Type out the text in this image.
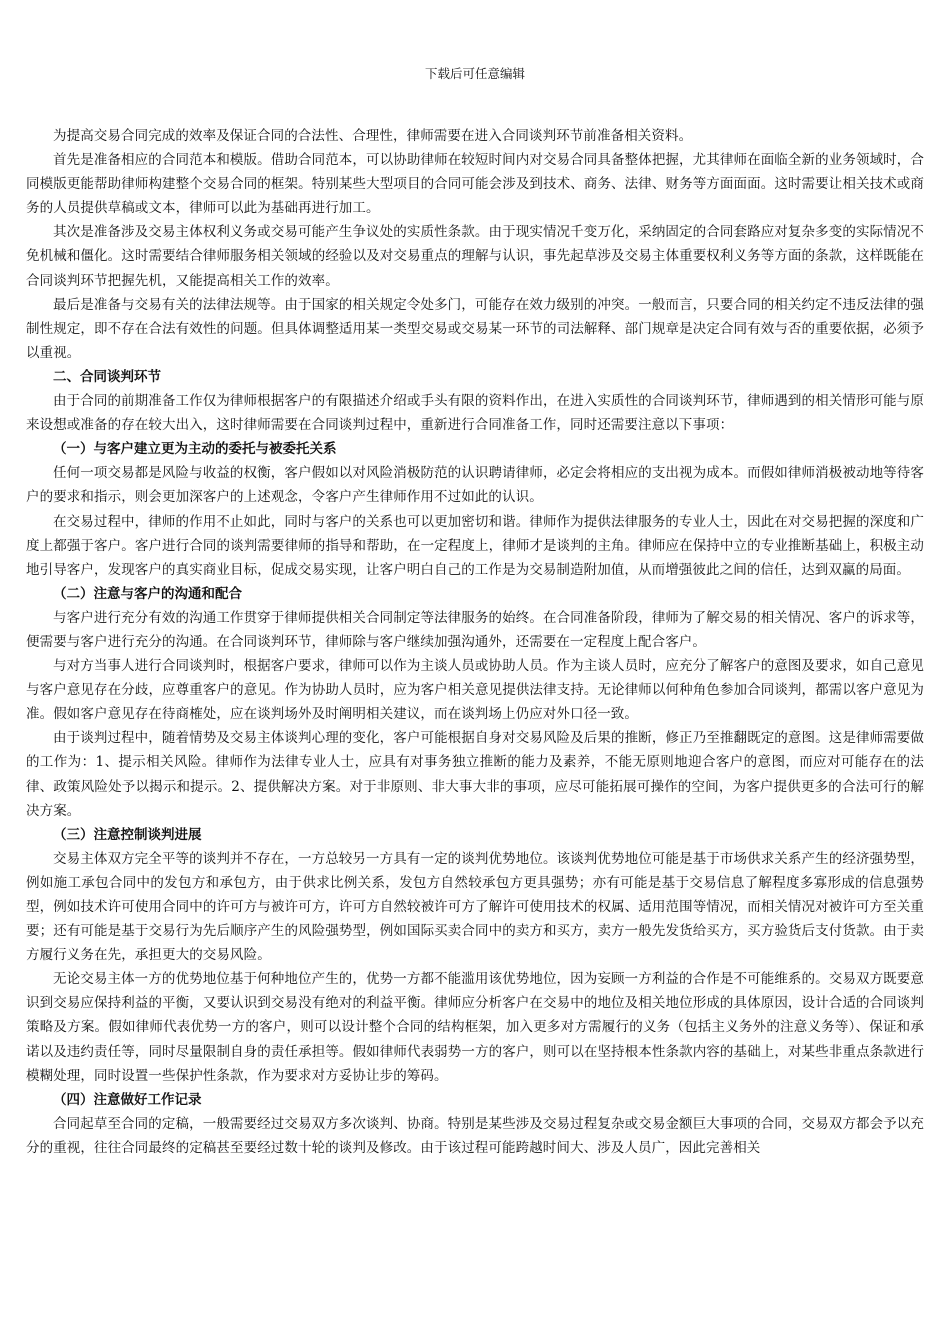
下载后可任意编辑

为提高交易合同完成的效率及保证合同的合法性、合理性，律师需要在进入合同谈判环节前准备相关资料。

首先是准备相应的合同范本和模版。借助合同范本，可以协助律师在较短时间内对交易合同具备整体把握，尤其律师在面临全新的业务领域时，合同模版更能帮助律师构建整个交易合同的框架。特别某些大型项目的合同可能会涉及到技术、商务、法律、财务等方面面面。这时需要让相关技术或商务的人员提供草稿或文本，律师可以此为基础再进行加工。

其次是准备涉及交易主体权利义务或交易可能产生争议处的实质性条款。由于现实情况千变万化，采纳固定的合同套路应对复杂多变的实际情况不免机械和僵化。这时需要结合律师服务相关领域的经验以及对交易重点的理解与认识，事先起草涉及交易主体重要权利义务等方面的条款，这样既能在合同谈判环节把握先机，又能提高相关工作的效率。

最后是准备与交易有关的法律法规等。由于国家的相关规定令处多门，可能存在效力级别的冲突。一般而言，只要合同的相关约定不违反法律的强制性规定，即不存在合法有效性的问题。但具体调整适用某一类型交易或交易某一环节的司法解释、部门规章是决定合同有效与否的重要依据，必须予以重视。

二、合同谈判环节

由于合同的前期准备工作仅为律师根据客户的有限描述介绍或手头有限的资料作出，在进入实质性的合同谈判环节，律师遇到的相关情形可能与原来设想或准备的存在较大出入，这时律师需要在合同谈判过程中，重新进行合同准备工作，同时还需要注意以下事项：

（一）与客户建立更为主动的委托与被委托关系

任何一项交易都是风险与收益的权衡，客户假如以对风险消极防范的认识聘请律师，必定会将相应的支出视为成本。而假如律师消极被动地等待客户的要求和指示，则会更加深客户的上述观念，令客户产生律师作用不过如此的认识。

在交易过程中，律师的作用不止如此，同时与客户的关系也可以更加密切和谐。律师作为提供法律服务的专业人士，因此在对交易把握的深度和广度上都强于客户。客户进行合同的谈判需要律师的指导和帮助，在一定程度上，律师才是谈判的主角。律师应在保持中立的专业推断基础上，积极主动地引导客户，发现客户的真实商业目标，促成交易实现，让客户明白自己的工作是为交易制造附加值，从而增强彼此之间的信任，达到双赢的局面。

（二）注意与客户的沟通和配合

与客户进行充分有效的沟通工作贯穿于律师提供相关合同制定等法律服务的始终。在合同准备阶段，律师为了解交易的相关情况、客户的诉求等，便需要与客户进行充分的沟通。在合同谈判环节，律师除与客户继续加强沟通外，还需要在一定程度上配合客户。

与对方当事人进行合同谈判时，根据客户要求，律师可以作为主谈人员或协助人员。作为主谈人员时，应充分了解客户的意图及要求，如自己意见与客户意见存在分歧，应尊重客户的意见。作为协助人员时，应为客户相关意见提供法律支持。无论律师以何种角色参加合同谈判，都需以客户意见为准。假如客户意见存在待商榷处，应在谈判场外及时阐明相关建议，而在谈判场上仍应对外口径一致。

由于谈判过程中，随着情势及交易主体谈判心理的变化，客户可能根据自身对交易风险及后果的推断，修正乃至推翻既定的意图。这是律师需要做的工作为：1、提示相关风险。律师作为法律专业人士，应具有对事务独立推断的能力及素养，不能无原则地迎合客户的意图，而应对可能存在的法律、政策风险处予以揭示和提示。2、提供解决方案。对于非原则、非大事大非的事项，应尽可能拓展可操作的空间，为客户提供更多的合法可行的解决方案。

（三）注意控制谈判进展

交易主体双方完全平等的谈判并不存在，一方总较另一方具有一定的谈判优势地位。该谈判优势地位可能是基于市场供求关系产生的经济强势型，例如施工承包合同中的发包方和承包方，由于供求比例关系，发包方自然较承包方更具强势；亦有可能是基于交易信息了解程度多寡形成的信息强势型，例如技术许可使用合同中的许可方与被许可方，许可方自然较被许可方了解许可使用技术的权属、适用范围等情况，而相关情况对被许可方至关重要；还有可能是基于交易行为先后顺序产生的风险强势型，例如国际买卖合同中的卖方和买方，卖方一般先发货给买方，买方验货后支付货款。由于卖方履行义务在先，承担更大的交易风险。

无论交易主体一方的优势地位基于何种地位产生的，优势一方都不能滥用该优势地位，因为妄顾一方利益的合作是不可能维系的。交易双方既要意识到交易应保持利益的平衡，又要认识到交易没有绝对的利益平衡。律师应分析客户在交易中的地位及相关地位形成的具体原因，设计合适的合同谈判策略及方案。假如律师代表优势一方的客户，则可以设计整个合同的结构框架，加入更多对方需履行的义务（包括主义务外的注意义务等）、保证和承诺以及违约责任等，同时尽量限制自身的责任承担等。假如律师代表弱势一方的客户，则可以在坚持根本性条款内容的基础上，对某些非重点条款进行模糊处理，同时设置一些保护性条款，作为要求对方妥协让步的筹码。

（四）注意做好工作记录

合同起草至合同的定稿，一般需要经过交易双方多次谈判、协商。特别是某些涉及交易过程复杂或交易金额巨大事项的合同，交易双方都会予以充分的重视，往往合同最终的定稿甚至要经过数十轮的谈判及修改。由于该过程可能跨越时间大、涉及人员广，因此完善相关
